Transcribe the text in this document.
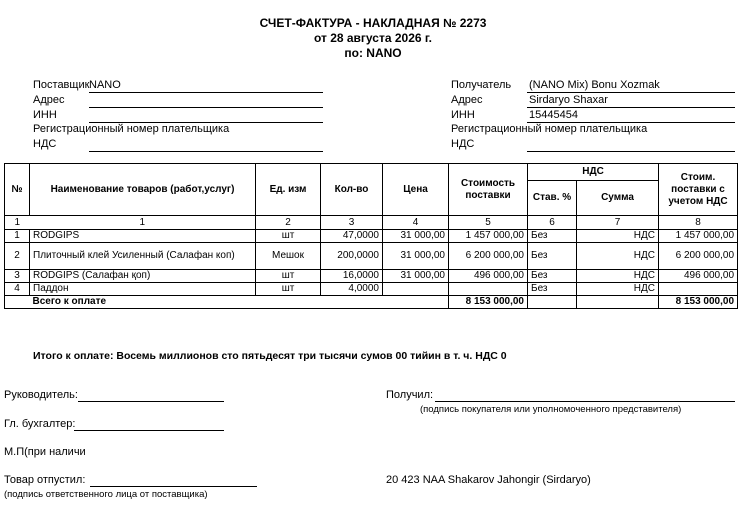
СЧЕТ-ФАКТУРА - НАКЛАДНАЯ № 2273
от 28 августа 2026 г.
по: NANO
Поставщик NANO
Адрес
ИНН
Регистрационный номер плательщика
НДС
Получатель (NANO Mix) Bonu Xozmak
Адрес	Sirdaryo Shaxar
ИНН	15445454
Регистрационный номер плательщика
НДС
№	Наименование товаров (работ,услуг)	Ед. изм	Кол-во	Цена	Стоимость поставки	НДС		Стоим. поставки с учетом НДС
						Став. %	Сумма	
1	1	2	3	4	5	6	7	8
1	RODGIPS	шт	47,0000	31 000,00	1 457 000,00	Без	НДС	1 457 000,00
2	Плиточный клей Усиленный (Салафан коп)	Мешок	200,0000	31 000,00	6 200 000,00	Без	НДС	6 200 000,00
3	RODGIPS (Салафан қоп)	шт	16,0000	31 000,00	496 000,00	Без	НДС	496 000,00
4	Паддон	шт	4,0000			Без	НДС	
	Всего к оплате				8 153 000,00			8 153 000,00
Итого к оплате: Восемь миллионов сто пятьдесят три тысячи сумов 00 тийин в т. ч. НДС 0
Руководитель:
Гл. бухгалтер:
М.П(при наличи
Товар отпустил:
(подпись ответственного лица от поставщика)
Получил:
(подпись покупателя или уполномоченного представителя)
20 423 NAA Shakarov Jahongir (Sirdaryo)
